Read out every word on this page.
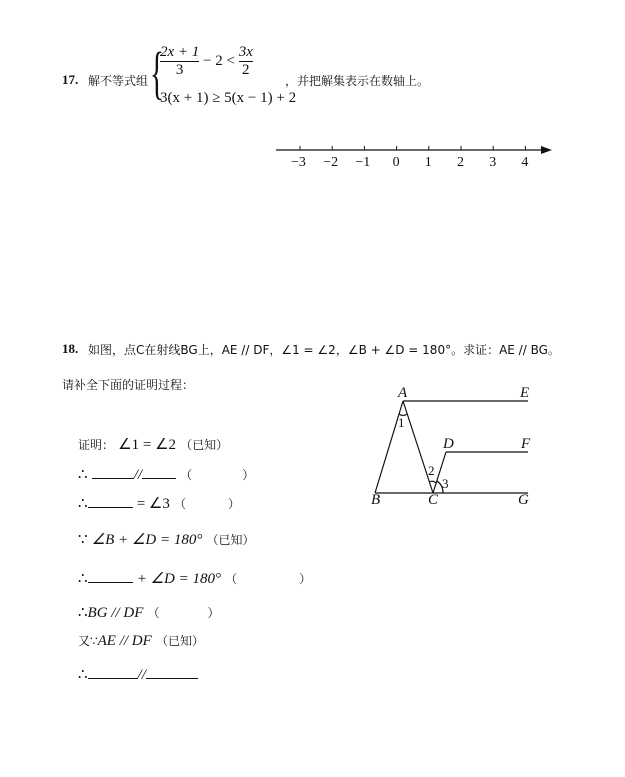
17. 解不等式组 {
$\frac{2x + 1}{3} - 2 < \frac{3x}{2}$
3(x + 1) ≥ 5(x − 1) + 2
，并把解集表示在数轴上。
−3 −2 −1 0 1 2 3 4
18. 如图，点C在射线BG上，AE // DF，∠1 = ∠2，∠B + ∠D = 180°。求证：AE // BG。
请补全下面的证明过程：	A	E
D	F
B	C	G
1
2
3
证明： ∠1 = ∠2 （已知）
∴	//	（	）
∴	= ∠3 （	）
∵ ∠B + ∠D = 180° （已知）
∴	+ ∠D = 180° （	）
∴BG // DF （	）
又∵AE // DF （已知）
∴	//
